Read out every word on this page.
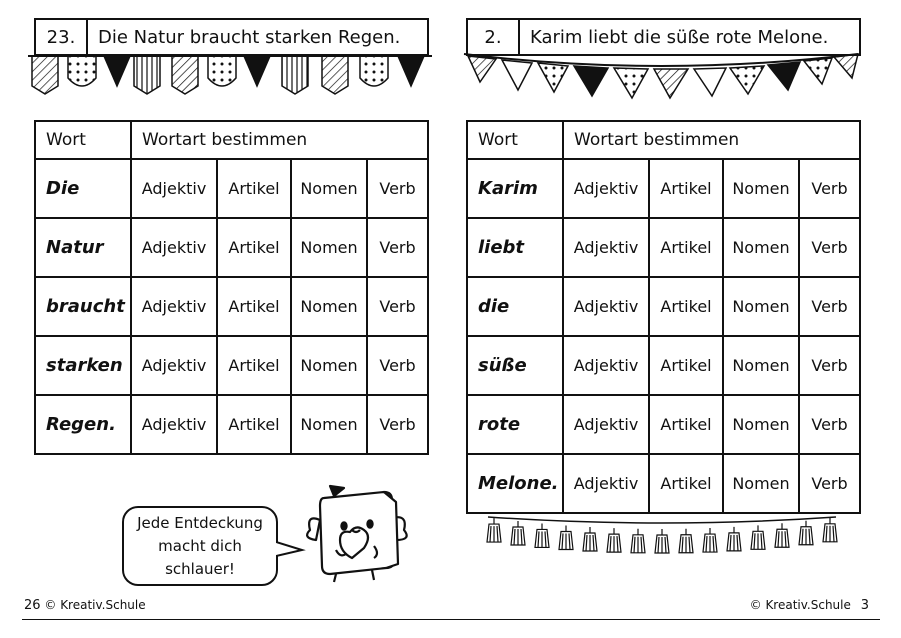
23.	Die Natur braucht starken Regen.
Wort	Wortart bestimmen			
Die	Adjektiv	Artikel	Nomen	Verb
Natur	Adjektiv	Artikel	Nomen	Verb
braucht	Adjektiv	Artikel	Nomen	Verb
starken	Adjektiv	Artikel	Nomen	Verb
Regen.	Adjektiv	Artikel	Nomen	Verb
2.	Karim liebt die süße rote Melone.
Wort	Wortart bestimmen			
Karim	Adjektiv	Artikel	Nomen	Verb
liebt	Adjektiv	Artikel	Nomen	Verb
die	Adjektiv	Artikel	Nomen	Verb
süße	Adjektiv	Artikel	Nomen	Verb
rote	Adjektiv	Artikel	Nomen	Verb
Melone.	Adjektiv	Artikel	Nomen	Verb
Jede Entdeckung
macht dich
schlauer!
26 © Kreativ.Schule	© Kreativ.Schule 3
